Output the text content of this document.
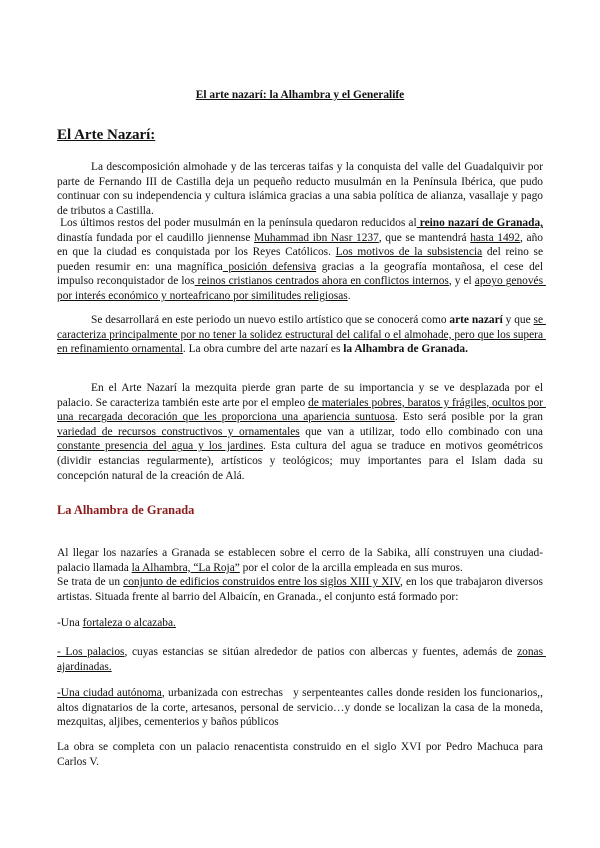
El arte nazarí: la Alhambra y el Generalife
El Arte Nazarí:

La descomposición almohade y de las terceras taifas y la conquista del valle del Guadalquivir por parte de Fernando III de Castilla deja un pequeño reducto musulmán en la Península Ibérica, que pudo continuar con su independencia y cultura islámica gracias a una sabia política de alianza, vasallaje y pago de tributos a Castilla.

Los últimos restos del poder musulmán en la península quedaron reducidos al reino nazarí de Granada, dinastía fundada por el caudillo jiennense Muhammad ibn Nasr 1237, que se mantendrá hasta 1492, año en que la ciudad es conquistada por los Reyes Católicos. Los motivos de la subsistencia del reino se pueden resumir en: una magnífica posición defensiva gracias a la geografía montañosa, el cese del impulso reconquistador de los reinos cristianos centrados ahora en conflictos internos, y el apoyo genovés por interés económico y norteafricano por similitudes religiosas.

Se desarrollará en este periodo un nuevo estilo artístico que se conocerá como arte nazarí y que se caracteriza principalmente por no tener la solidez estructural del califal o el almohade, pero que los supera en refinamiento ornamental. La obra cumbre del arte nazarí es la Alhambra de Granada.

En el Arte Nazarí la mezquita pierde gran parte de su importancia y se ve desplazada por el palacio. Se caracteriza también este arte por el empleo de materiales pobres, baratos y frágiles, ocultos por una recargada decoración que les proporciona una apariencia suntuosa. Esto será posible por la gran variedad de recursos constructivos y ornamentales que van a utilizar, todo ello combinado con una constante presencia del agua y los jardines. Esta cultura del agua se traduce en motivos geométricos (dividir estancias regularmente), artísticos y teológicos; muy importantes para el Islam dada su concepción natural de la creación de Alá.

La Alhambra de Granada

Al llegar los nazaríes a Granada se establecen sobre el cerro de la Sabika, allí construyen una ciudad-palacio llamada la Alhambra, “La Roja” por el color de la arcilla empleada en sus muros.

Se trata de un conjunto de edificios construidos entre los siglos XIII y XIV, en los que trabajaron diversos artistas. Situada frente al barrio del Albaicín, en Granada., el conjunto está formado por:

-Una fortaleza o alcazaba.

- Los palacios, cuyas estancias se sitúan alrededor de patios con albercas y fuentes, además de zonas ajardinadas.

-Una ciudad autónoma, urbanizada con estrechas   y serpenteantes calles donde residen los funcionarios,, altos dignatarios de la corte, artesanos, personal de servicio…y donde se localizan la casa de la moneda, mezquitas, aljibes, cementerios y baños públicos

La obra se completa con un palacio renacentista construido en el siglo XVI por Pedro Machuca para Carlos V.
